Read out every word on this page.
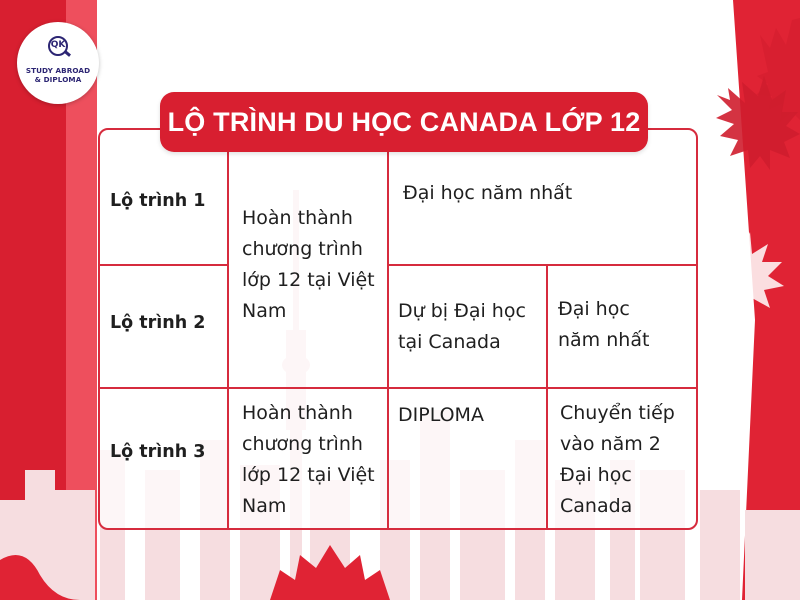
QK
STUDY ABROAD
& DIPLOMA
LỘ TRÌNH DU HỌC CANADA LỚP 12
Lộ trình 1
Hoàn thành chương trình lớp 12 tại Việt Nam
Đại học năm nhất
Lộ trình 2
Dự bị Đại học tại Canada
Đại học năm nhất
Lộ trình 3
Hoàn thành chương trình lớp 12 tại Việt Nam
DIPLOMA	Chuyển tiếp vào năm 2 Đại học Canada
